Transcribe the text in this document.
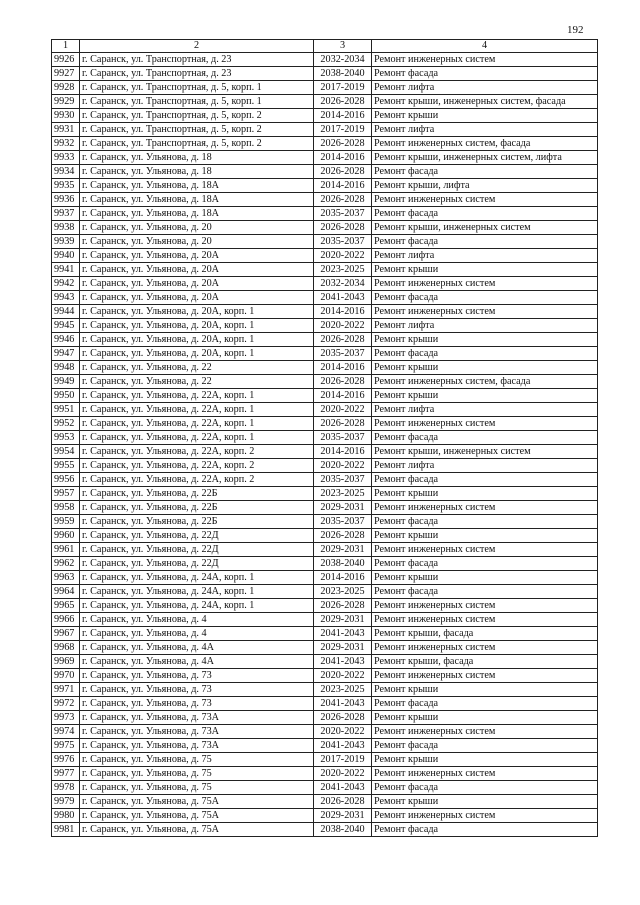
192
1	2	3	4
9926	г. Саранск, ул. Транспортная, д. 23	2032-2034	Ремонт инженерных систем
9927	г. Саранск, ул. Транспортная, д. 23	2038-2040	Ремонт фасада
9928	г. Саранск, ул. Транспортная, д. 5, корп. 1	2017-2019	Ремонт лифта
9929	г. Саранск, ул. Транспортная, д. 5, корп. 1	2026-2028	Ремонт крыши, инженерных систем, фасада
9930	г. Саранск, ул. Транспортная, д. 5, корп. 2	2014-2016	Ремонт крыши
9931	г. Саранск, ул. Транспортная, д. 5, корп. 2	2017-2019	Ремонт лифта
9932	г. Саранск, ул. Транспортная, д. 5, корп. 2	2026-2028	Ремонт инженерных систем, фасада
9933	г. Саранск, ул. Ульянова, д. 18	2014-2016	Ремонт крыши, инженерных систем, лифта
9934	г. Саранск, ул. Ульянова, д. 18	2026-2028	Ремонт фасада
9935	г. Саранск, ул. Ульянова, д. 18А	2014-2016	Ремонт крыши, лифта
9936	г. Саранск, ул. Ульянова, д. 18А	2026-2028	Ремонт инженерных систем
9937	г. Саранск, ул. Ульянова, д. 18А	2035-2037	Ремонт фасада
9938	г. Саранск, ул. Ульянова, д. 20	2026-2028	Ремонт крыши, инженерных систем
9939	г. Саранск, ул. Ульянова, д. 20	2035-2037	Ремонт фасада
9940	г. Саранск, ул. Ульянова, д. 20А	2020-2022	Ремонт лифта
9941	г. Саранск, ул. Ульянова, д. 20А	2023-2025	Ремонт крыши
9942	г. Саранск, ул. Ульянова, д. 20А	2032-2034	Ремонт инженерных систем
9943	г. Саранск, ул. Ульянова, д. 20А	2041-2043	Ремонт фасада
9944	г. Саранск, ул. Ульянова, д. 20А, корп. 1	2014-2016	Ремонт инженерных систем
9945	г. Саранск, ул. Ульянова, д. 20А, корп. 1	2020-2022	Ремонт лифта
9946	г. Саранск, ул. Ульянова, д. 20А, корп. 1	2026-2028	Ремонт крыши
9947	г. Саранск, ул. Ульянова, д. 20А, корп. 1	2035-2037	Ремонт фасада
9948	г. Саранск, ул. Ульянова, д. 22	2014-2016	Ремонт крыши
9949	г. Саранск, ул. Ульянова, д. 22	2026-2028	Ремонт инженерных систем, фасада
9950	г. Саранск, ул. Ульянова, д. 22А, корп. 1	2014-2016	Ремонт крыши
9951	г. Саранск, ул. Ульянова, д. 22А, корп. 1	2020-2022	Ремонт лифта
9952	г. Саранск, ул. Ульянова, д. 22А, корп. 1	2026-2028	Ремонт инженерных систем
9953	г. Саранск, ул. Ульянова, д. 22А, корп. 1	2035-2037	Ремонт фасада
9954	г. Саранск, ул. Ульянова, д. 22А, корп. 2	2014-2016	Ремонт крыши, инженерных систем
9955	г. Саранск, ул. Ульянова, д. 22А, корп. 2	2020-2022	Ремонт лифта
9956	г. Саранск, ул. Ульянова, д. 22А, корп. 2	2035-2037	Ремонт фасада
9957	г. Саранск, ул. Ульянова, д. 22Б	2023-2025	Ремонт крыши
9958	г. Саранск, ул. Ульянова, д. 22Б	2029-2031	Ремонт инженерных систем
9959	г. Саранск, ул. Ульянова, д. 22Б	2035-2037	Ремонт фасада
9960	г. Саранск, ул. Ульянова, д. 22Д	2026-2028	Ремонт крыши
9961	г. Саранск, ул. Ульянова, д. 22Д	2029-2031	Ремонт инженерных систем
9962	г. Саранск, ул. Ульянова, д. 22Д	2038-2040	Ремонт фасада
9963	г. Саранск, ул. Ульянова, д. 24А, корп. 1	2014-2016	Ремонт крыши
9964	г. Саранск, ул. Ульянова, д. 24А, корп. 1	2023-2025	Ремонт фасада
9965	г. Саранск, ул. Ульянова, д. 24А, корп. 1	2026-2028	Ремонт инженерных систем
9966	г. Саранск, ул. Ульянова, д. 4	2029-2031	Ремонт инженерных систем
9967	г. Саранск, ул. Ульянова, д. 4	2041-2043	Ремонт крыши, фасада
9968	г. Саранск, ул. Ульянова, д. 4А	2029-2031	Ремонт инженерных систем
9969	г. Саранск, ул. Ульянова, д. 4А	2041-2043	Ремонт крыши, фасада
9970	г. Саранск, ул. Ульянова, д. 73	2020-2022	Ремонт инженерных систем
9971	г. Саранск, ул. Ульянова, д. 73	2023-2025	Ремонт крыши
9972	г. Саранск, ул. Ульянова, д. 73	2041-2043	Ремонт фасада
9973	г. Саранск, ул. Ульянова, д. 73А	2026-2028	Ремонт крыши
9974	г. Саранск, ул. Ульянова, д. 73А	2020-2022	Ремонт инженерных систем
9975	г. Саранск, ул. Ульянова, д. 73А	2041-2043	Ремонт фасада
9976	г. Саранск, ул. Ульянова, д. 75	2017-2019	Ремонт крыши
9977	г. Саранск, ул. Ульянова, д. 75	2020-2022	Ремонт инженерных систем
9978	г. Саранск, ул. Ульянова, д. 75	2041-2043	Ремонт фасада
9979	г. Саранск, ул. Ульянова, д. 75А	2026-2028	Ремонт крыши
9980	г. Саранск, ул. Ульянова, д. 75А	2029-2031	Ремонт инженерных систем
9981	г. Саранск, ул. Ульянова, д. 75А	2038-2040	Ремонт фасада
